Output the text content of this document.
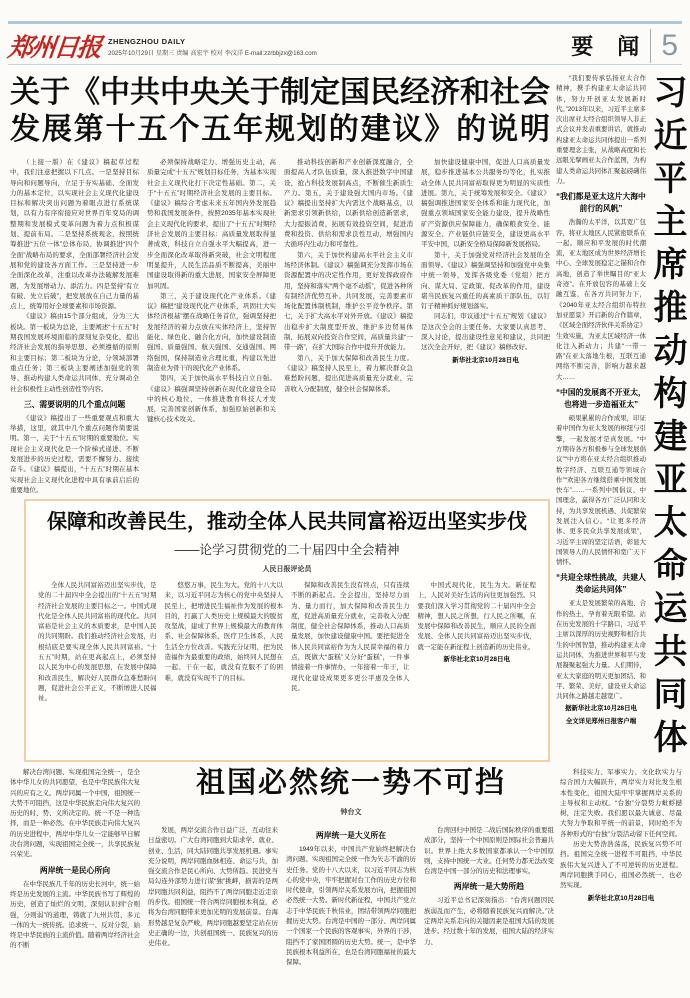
郑州日报 ZHENGZHOU DAILY
2025年10月29日 星期三 责编 高宏宇 校对 李汶洋 E-mail:zzrbbjzx@163.com	要 闻 5
关于《中共中央关于制定国民经济和社会
发展第十五个五年规划的建议》的说明
（上接一版）在《建议》稿起草过程中，我们注意把握以下几点。一是坚持目标导向和问题导向，立足于夯实基础、全面发力的基本定位，以实现社会主义现代化建设目标和解决突出问题为着眼点进行系统谋划，以有力有序衔接应对世界百年变局的调整期和发展模式变革问题为着力点积极谋划、提前布局。二是坚持系统观念，按照统筹推进“五位一体”总体布局、协调推进“四个全面”战略布局的要求，全面部署经济社会发展和党的建设各方面工作。三是坚持进一步全面深化改革，注重以改革办法破解发展难题，为发展增动力、添活力。四是坚持“有立有破、先立后破”，把发展放在自己力量的基点上，统筹用好全球要素和市场资源。
《建议》稿由15个部分组成，分为三大板块。第一板块为总论，主要阐述“十五五”时期我国发展环境面临的深刻复杂变化，提出经济社会发展的指导思想、必须遵循的原则和主要目标；第二板块为分论，分领域部署重点任务；第三板块主要阐述加强党的领导、推动构建人类命运共同体、充分调动全社会积极性主动性创造性等内容。
三、需要说明的几个重点问题
《建议》稿提出了一些重要观点和重大举措，这里，就其中几个重点问题作简要说明。第一，关于“十五五”时期的重要地位。实现社会主义现代化是一个阶梯式递进、不断发展进步的历史过程，需要不懈努力、接续奋斗。《建议》稿提出，“十五五”时期在基本实现社会主义现代化进程中具有承前启后的重要地位。
必须保持战略定力、增强历史主动，高质量完成“十五五”规划目标任务，为基本实现社会主义现代化打下决定性基础。第二，关于“十五五”时期经济社会发展的主要目标。《建议》稿综合考虑未来五年国内外发展趋势和我国发展条件，按照2035年基本实现社会主义现代化的要求，提出了“十五五”时期经济社会发展的主要目标：高质量发展取得显著成效，科技自立自强水平大幅提高，进一步全面深化改革取得新突破，社会文明程度明显提升，人民生活品质不断提高，美丽中国建设取得新的重大进展，国家安全屏障更加巩固。
第三，关于建设现代化产业体系。《建议》稿把“建设现代化产业体系，巩固壮大实体经济根基”摆在战略任务首位，强调坚持把发展经济的着力点放在实体经济上，坚持智能化、绿色化、融合化方向，加快建设制造强国、质量强国、航天强国、交通强国、网络强国，保持制造业合理比重，构建以先进制造业为骨干的现代化产业体系。
第四，关于加快高水平科技自立自强。《建议》稿强调坚持创新在现代化建设全局中的核心地位，一体推进教育科技人才发展，完善国家创新体系，加强原始创新和关键核心技术攻关。
推动科技创新和产业创新深度融合，全面提高人才队伍质量，深入推进数字中国建设，抢占科技发展制高点，不断催生新质生产力。第五，关于建设强大国内市场。《建议》稿提出坚持扩大内需这个战略基点，以新需求引领新供给，以新供给创造新需求，大力提振消费，拓展有效投资空间，促进消费和投资、供给和需求良性互动，增强国内大循环内生动力和可靠性。
第六，关于加快构建高水平社会主义市场经济体制。《建议》稿强调充分发挥市场在资源配置中的决定性作用，更好发挥政府作用，坚持和落实“两个毫不动摇”，促进各种所有制经济优势互补、共同发展，完善要素市场化配置体制机制，维护公平竞争秩序。第七，关于扩大高水平对外开放。《建议》稿提出稳步扩大制度型开放，维护多边贸易体制，拓展双向投资合作空间，高质量共建“一带一路”，在扩大国际合作中提升开放能力。
第八，关于加大保障和改善民生力度。《建议》稿坚持人民至上，着力解决群众急难愁盼问题，提出促进高质量充分就业，完善收入分配制度，健全社会保障体系。
加快建设健康中国，促进人口高质量发展，稳步推进基本公共服务均等化，扎实推动全体人民共同富裕取得更为明显的实质性进展。第九，关于统筹发展和安全。《建议》稿强调推进国家安全体系和能力现代化，加强重点领域国家安全能力建设，提升战略性矿产资源供应保障能力，确保粮食安全、能源安全、产业链供应链安全，建设更高水平平安中国，以新安全格局保障新发展格局。
第十，关于加强党对经济社会发展的全面领导。《建议》稿强调坚持和加强党中央集中统一领导，发挥各级党委（党组）把方向、谋大局、定政策、促改革的作用，建设堪当民族复兴重任的高素质干部队伍，以钉钉子精神抓好规划落实。
同志们，审议通过“十五五”规划《建议》是这次全会的主要任务。大家要认真思考、深入讨论，提出建设性意见和建议，共同把这次全会开好，把《建议》稿修改好。
新华社北京10月28日电
“我们要传承弘扬亚太合作精神，携手构建亚太命运共同体，努力开创亚太发展新时代。”2013年以来，习近平主席多次出席亚太经合组织领导人非正式会议并发表重要讲话，就推动构建亚太命运共同体提出一系列重要理念主张，从战略高度和长远眼光擘画亚太合作蓝图，为构建人类命运共同体汇聚起磅礴伟力。
“我们都是亚太这片大海中前行的风帆”
浩瀚的太平洋，以其宽广包容，将亚太地区人民紧密联系在一起。顺应和平发展的时代潮流，亚太地区成为世界经济增长中心、全球发展稳定之锚和合作高地，创造了举世瞩目的“亚太奇迹”。在开放包容的基础上交融互鉴，在各方共同努力下，《2040年亚太经合组织布特拉加亚愿景》开启新的合作篇章，《区域全面经济伙伴关系协定》生效实施，为亚太区域经济一体化注入新动力；共建“一带一路”在亚太落地生根，互联互通网络不断完善，影响力越来越大……
“中国的发展离不开亚太，也将进一步造福亚太”
硕果累累的合作成果，印证着中国作为亚太发展的枢纽与引擎，一起发展才是真发展。“中方期待各方积极参与全球发展倡议”“中方将在亚太经合组织推动数字经济、互联互通等领域合作”“欢迎各方继续搭乘中国发展快车”……一系列中国倡议、中国理念，赢得各方广泛认同和支持，为共享发展机遇、共促繁荣发展注入信心。“让更多经济体、更多民众共享发展成果”，习近平主席的坚定话语，彰显大国领导人的人民情怀和宽广天下情怀。
“共迎全球性挑战，共建人类命运共同体”
亚太是发展繁荣的高地、合作的热土，孕育着无限希望。站在历史发展的十字路口，习近平主席以深厚的历史视野和相合共生的中国智慧，推动构建亚太命运共同体，为推进世界和平与发展凝聚起强大力量。人们期待，亚太大家庭的明天更加团结、和平、繁荣、美好，建设亚太命运共同体之路越走越宽广。
据新华社北京10月28日电
全文详见郑州日报客户端 习近平主席推动构建亚太命运共同体
保障和改善民生，推动全体人民共同富裕迈出坚实步伐
——论学习贯彻党的二十届四中全会精神
人民日报评论员
全体人民共同富裕迈出坚实步伐，是党的二十届四中全会提出的“十五五”时期经济社会发展的主要目标之一。中国式现代化是全体人民共同富裕的现代化。共同富裕是社会主义的本质要求，是中国人民的共同期盼。我们推动经济社会发展，归根结底是要实现全体人民共同富裕。“十五五”时期，站在更高起点上，必须坚持以人民为中心的发展思想，在发展中保障和改善民生，解决好人民群众急难愁盼问题，促进社会公平正义，不断增进人民福祉。
悠悠万事，民生为大。党的十八大以来，以习近平同志为核心的党中央坚持人民至上，把增进民生福祉作为发展的根本目的，打赢了人类历史上规模最大的脱贫攻坚战，建成了世界上规模最大的教育体系、社会保障体系、医疗卫生体系，人民生活全方位改善。实践充分证明，把为民造福作为最重要的政绩，始终同人民想在一起、干在一起，就没有克服不了的困难，就没有实现不了的目标。
保障和改善民生没有终点，只有连续不断的新起点。全会提出，坚持尽力而为、量力而行，加大保障和改善民生力度，促进高质量充分就业，完善收入分配制度，健全社会保障体系，推动人口高质量发展，加快建设健康中国。要把促进全体人民共同富裕作为为人民谋幸福的着力点，既做大“蛋糕”又分好“蛋糕”，一件事情接着一件事情办，一年接着一年干，让现代化建设成果更多更公平惠及全体人民。
中国式现代化，民生为大。新征程上，人民对美好生活的向往更加强烈。只要我们深入学习贯彻党的二十届四中全会精神，想人民之所想，行人民之所嘱，在发展中保障和改善民生，顺应人民的全面发展、全体人民共同富裕迈出坚实步伐，就一定能在新征程上创造新的历史伟业。
新华社北京10月28日电
解决台湾问题、实现祖国完全统一，是全体中华儿女的共同愿望，也是中华民族伟大复兴的应有之义。两岸同属一个中国，祖国统一大势不可阻挡，这是中华民族走向伟大复兴的历史的时、势、义所决定的。统一不是一种选择，而是一种必然。在中华民族走向伟大复兴的历史进程中，两岸中华儿女一定能够早日解决台湾问题，实现祖国完全统一，共享民族复兴荣光。
两岸统一是民心所向
在中华民族几千年的历史长河中，统一始终是历史发展的主流。中华民族书写了辉煌的历史，创造了灿烂的文明，深刻认识到“合则强，分则弱”的道理，铸就了九州共贯、多元一体的大一统传统。追求统一、反对分裂，始终是中华民族的主流价值。随着两岸经济社会的不断
祖国必然统一势不可挡
钟台文
发展，两岸交流合作日益广泛，互动往来日益密切。广大台湾同胞到大陆求学、就业、创业、生活，同大陆同胞共享发展机遇。事实充分说明，两岸同胞血脉相连、命运与共，加强交流合作是民心所向、大势所趋。民进党当局勾连外部势力进行谋“独”挑衅，损害的是两岸同胞共同利益，阻挡不了两岸同胞走近走亲的步伐。祖国统一符合两岸同胞根本利益，必将为台湾同胞带来更加光明的发展前景。台海形势越是复杂严峻，两岸同胞越要坚定站在历史正确的一边，共创祖国统一、民族复兴的历史伟业。
两岸统一是大义所在
1949年以来，中国共产党始终把解决台湾问题、实现祖国完全统一作为矢志不渝的历史任务。党的十八大以来，以习近平同志为核心的党中央，牢牢把握对台工作的历史方位和时代使命，引领两岸关系发展方向，把握祖国必然统一大势。新时代新征程，中国共产党立志于中华民族千秋伟业，团结带领两岸同胞把握历史大势。台湾是中国的一部分、两岸同属一个国家一个民族的客观事实，外界的干涉，阻挡不了家国团圆的历史大势。统一，是中华民族根本利益所在，也是台湾同胞福祉的最大保障。
台湾回归中国是二战后国际秩序的重要组成部分，坚持一个中国原则是国际社会普遍共识。世界上绝大多数国家都承认一个中国原则，支持中国统一大业。任何势力都无法改变台湾是中国一部分的历史和法理事实。
两岸统一是大势所趋
习近平总书记深刻指出：“台湾问题因民族弱乱而产生，必将随着民族复兴而解决。”决定两岸关系走向的关键因素是祖国大陆的发展进步。经过数十年的发展，祖国大陆的经济实力、
科技实力、军事实力、文化软实力与综合国力大幅跃升，两岸实力对比发生根本性变化，祖国大陆牢牢掌握两岸关系的主导权和主动权。“台独”分裂势力蚍蜉撼树，注定失败。我们愿以最大诚意、尽最大努力争取和平统一的前景，同时绝不为各种形式的“台独”分裂活动留下任何空间。
历史大势浩浩荡荡，民族复兴势不可挡。祖国完全统一进程不可阻挡，中华民族伟大复兴进入了不可逆转的历史进程。两岸同胞携手同心，祖国必然统一，也必然实现。
新华社北京10月28日电
